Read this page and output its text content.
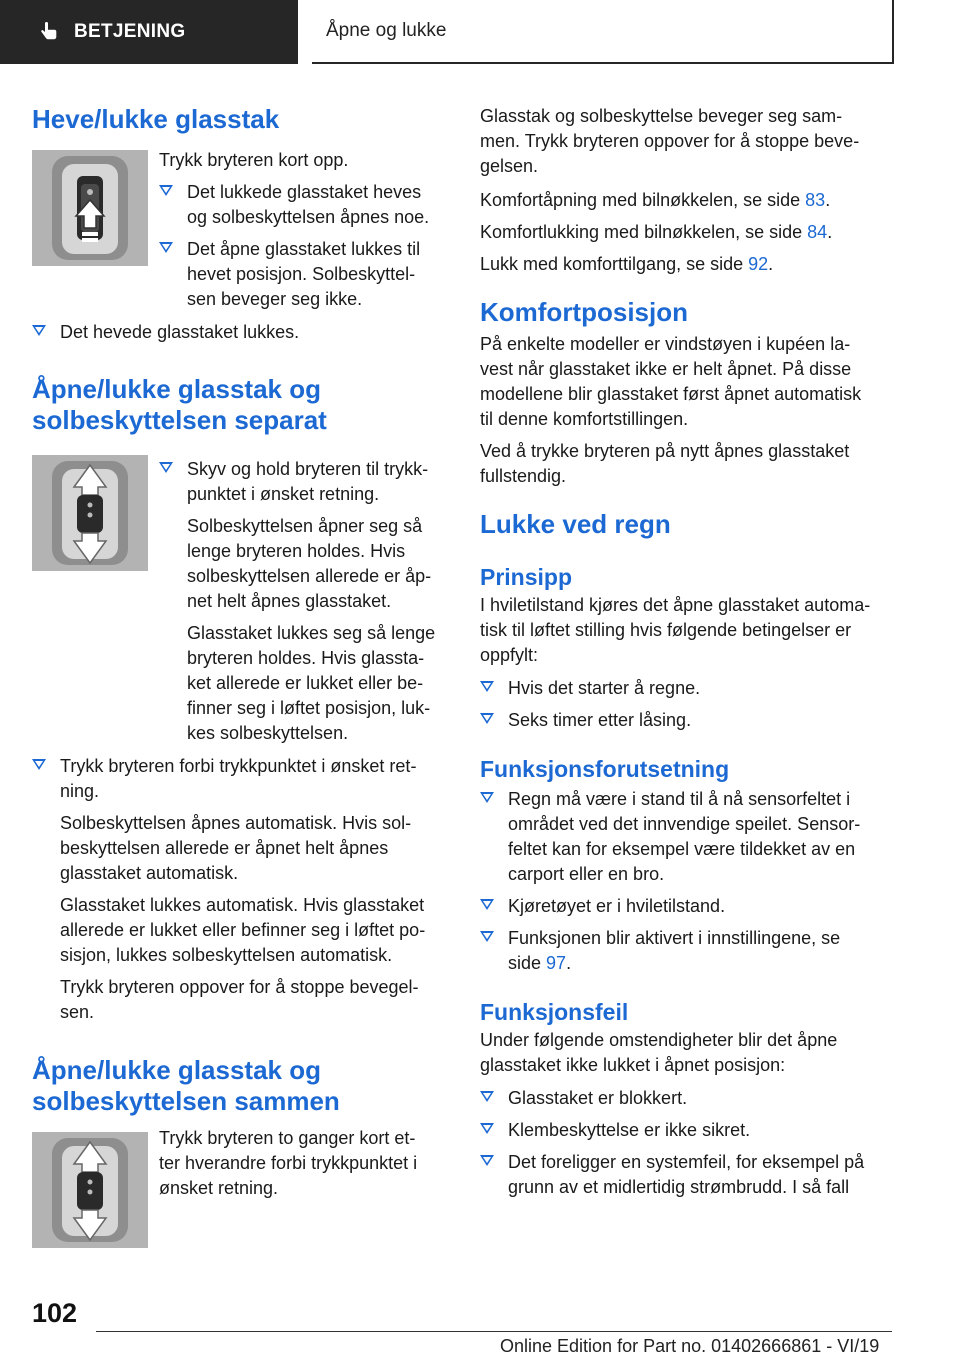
BETJENING	Åpne og lukke
Heve/lukke glasstak

Trykk bryteren kort opp.

Det lukkede glasstaket heves

og solbeskyttelsen åpnes noe.

Det åpne glasstaket lukkes til

hevet posisjon. Solbeskyttel-

sen beveger seg ikke.

Det hevede glasstaket lukkes.

Åpne/lukke glasstak og
solbeskyttelsen separat

Skyv og hold bryteren til trykk-

punktet i ønsket retning.

Solbeskyttelsen åpner seg så

lenge bryteren holdes. Hvis

solbeskyttelsen allerede er åp-

net helt åpnes glasstaket.

Glasstaket lukkes seg så lenge

bryteren holdes. Hvis glassta-

ket allerede er lukket eller be-

finner seg i løftet posisjon, luk-

kes solbeskyttelsen.

Trykk bryteren forbi trykkpunktet i ønsket ret-

ning.

Solbeskyttelsen åpnes automatisk. Hvis sol-

beskyttelsen allerede er åpnet helt åpnes

glasstaket automatisk.

Glasstaket lukkes automatisk. Hvis glasstaket

allerede er lukket eller befinner seg i løftet po-

sisjon, lukkes solbeskyttelsen automatisk.

Trykk bryteren oppover for å stoppe bevegel-

sen.

Åpne/lukke glasstak og
solbeskyttelsen sammen

Trykk bryteren to ganger kort et-

ter hverandre forbi trykkpunktet i

ønsket retning.

Glasstak og solbeskyttelse beveger seg sam-

men. Trykk bryteren oppover for å stoppe beve-

gelsen.

Komfortåpning med bilnøkkelen, se side 83.

Komfortlukking med bilnøkkelen, se side 84.

Lukk med komforttilgang, se side 92.

Komfortposisjon

På enkelte modeller er vindstøyen i kupéen la-

vest når glasstaket ikke er helt åpnet. På disse

modellene blir glasstaket først åpnet automatisk

til denne komfortstillingen.

Ved å trykke bryteren på nytt åpnes glasstaket

fullstendig.

Lukke ved regn
Prinsipp

I hviletilstand kjøres det åpne glasstaket automa-

tisk til løftet stilling hvis følgende betingelser er

oppfylt:

Hvis det starter å regne.

Seks timer etter låsing.

Funksjonsforutsetning

Regn må være i stand til å nå sensorfeltet i

området ved det innvendige speilet. Sensor-

feltet kan for eksempel være tildekket av en

carport eller en bro.

Kjøretøyet er i hviletilstand.

Funksjonen blir aktivert i innstillingene, se

side 97.

Funksjonsfeil

Under følgende omstendigheter blir det åpne

glasstaket ikke lukket i åpnet posisjon:

Glasstaket er blokkert.

Klembeskyttelse er ikke sikret.

Det foreligger en systemfeil, for eksempel på

grunn av et midlertidig strømbrudd. I så fall

102
Online Edition for Part no. 01402666861 - VI/19
